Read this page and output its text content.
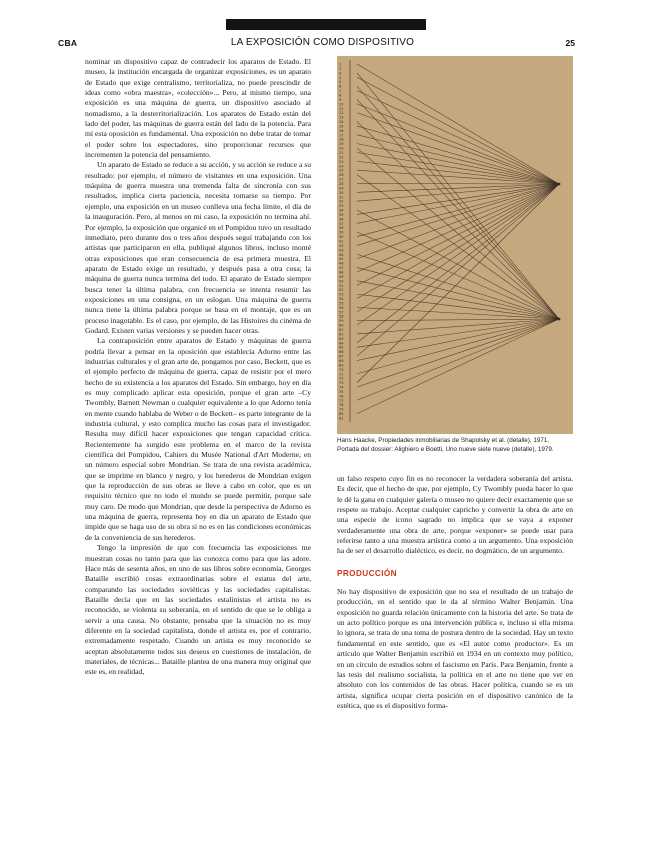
CBA	LA EXPOSICIÓN COMO DISPOSITIVO	25

nominar un dispositivo capaz de contradecir los aparatos de Estado. El museo, la institución encargada de organizar exposiciones, es un aparato de Estado que exige centralismo, territorializa, no puede prescindir de ideas como «obra maestra», «colección»... Pero, al mismo tiempo, una exposición es una máquina de guerra, un dispositivo asociado al nomadismo, a la desterritorialización. Los aparatos de Estado están del lado del poder, las máquinas de guerra están del lado de la potencia. Para mí esta oposición es fundamental. Una exposición no debe tratar de tomar el poder sobre los espectadores, sino proporcionar recursos que incrementen la potencia del pensamiento.

Un aparato de Estado se reduce a su acción, y su acción se reduce a su resultado: por ejemplo, el número de visitantes en una exposición. Una máquina de guerra muestra una tremenda falta de sincronía con sus resultados, implica cierta paciencia, necesita tomarse su tiempo. Por ejemplo, una exposición en un museo conlleva una fecha límite, el día de la inauguración. Pero, al menos en mi caso, la exposición no termina ahí. Por ejemplo, la exposición que organicé en el Pompidou tuvo un resultado inmediato, pero durante dos o tres años después seguí trabajando con los artistas que participaron en ella, publiqué algunos libros, incluso monté otras exposiciones que eran consecuencia de esa primera muestra. El aparato de Estado exige un resultado, y después pasa a otra cosa; la máquina de guerra nunca termina del todo. El aparato de Estado siempre busca tener la última palabra, con frecuencia se intenta resumir las exposiciones en una consigna, en un eslogan. Una máquina de guerra nunca tiene la última palabra porque se basa en el montaje, que es un proceso inagotable. Es el caso, por ejemplo, de las Histoires du cinéma de Godard. Existen varias versiones y se pueden hacer otras.

La contraposición entre aparatos de Estado y máquinas de guerra podría llevar a pensar en la oposición que establecía Adorno entre las industrias culturales y el gran arte de, pongamos por caso, Beckett, que es el ejemplo perfecto de máquina de guerra, capaz de resistir por el mero hecho de su existencia a los aparatos del Estado. Sin embargo, hoy en día es muy complicado aplicar esta oposición, porque el gran arte –Cy Twombly, Barnett Newman o cualquier equivalente a lo que Adorno tenía en mente cuando hablaba de Weber o de Beckett– es parte integrante de la industria cultural, y esto complica mucho las cosas para el investigador. Resulta muy difícil hacer exposiciones que tengan capacidad crítica. Recientemente ha surgido este problema en el marco de la revista científica del Pompidou, Cahiers du Musée National d'Art Moderne, en un número especial sobre Mondrian. Se trata de una revista académica, que se imprime en blanco y negro, y los herederos de Mondrian exigen que la reproducción de sus obras se lleve a cabo en color, que es un requisito técnico que no todo el mundo se puede permitir, porque sale muy caro. De modo que Mondrian, que desde la perspectiva de Adorno es una máquina de guerra, representa hoy en día un aparato de Estado que impide que se haga uso de su obra si no es en las condiciones económicas de la conveniencia de sus herederos.

Tengo la impresión de que con frecuencia las exposiciones me muestran cosas no tanto para que las conozca como para que las adore. Hace más de sesenta años, en uno de sus libros sobre economía, Georges Bataille escribió cosas extraordinarias sobre el estatus del arte, comparando las sociedades soviéticas y las sociedades capitalistas. Bataille decía que en las sociedades estalinistas el artista no es reconocido, se violenta su soberanía, en el sentido de que se le obliga a servir a una causa. No obstante, pensaba que la situación no es muy diferente en la sociedad capitalista, donde el artista es, por el contrario, extremadamente respetado. Cuando un artista es muy reconocido se aceptan absolutamente todos sus deseos en cuestiones de instalación, de materiales, de técnicas... Bataille plantea de una manera muy original que este es, en realidad,

1
2
3
4
5
6
7
8
9
10
11
12
13
14
15
16
17
18
19
20
21
22
23
24
25
26
27
28
29
30
31
32
33
34
35
36
37
38
39
40
41
42
43
44
45
46
47
48
49
50
51
52
53
54
55
56
57
58
59
60
61
62
63
64
65
66
67
68
69
70
71
72
73
74
75
76
77
78
79
80
81

Hans Haacke, Propiedades inmobiliarias de Shapolsky et al. (detalle), 1971.

Portada del dossier: Alighiero e Boetti, Uno nueve siete nueve (detalle), 1979.

un falso respeto cuyo fin es no reconocer la verdadera soberanía del artista. Es decir, que el hecho de que, por ejemplo, Cy Twombly pueda hacer lo que le dé la gana en cualquier galería o museo no quiere decir exactamente que se respete su trabajo. Aceptar cualquier capricho y convertir la obra de arte en una especie de icono sagrado no implica que se vaya a exponer verdaderamente una obra de arte, porque «exponer» se puede usar para referirse tanto a una muestra artística como a un argumento. Una exposición ha de ser el desarrollo dialéctico, es decir, no dogmático, de un argumento.

PRODUCCIÓN

No hay dispositivo de exposición que no sea el resultado de un trabajo de producción, en el sentido que le da al término Walter Benjamin. Una exposición no guarda relación únicamente con la historia del arte. Se trata de un acto político porque es una intervención pública e, incluso si ella misma lo ignora, se trata de una toma de postura dentro de la sociedad. Hay un texto fundamental en este sentido, que es «El autor como productor». Es un artículo que Walter Benjamin escribió en 1934 en un contexto muy político, en un círculo de estudios sobre el fascismo en París. Para Benjamin, frente a las tesis del realismo socialista, la política en el arte no tiene que ver en absoluto con los contenidos de las obras. Hacer política, cuando se es un artista, significa ocupar cierta posición en el dispositivo canónico de la estética, que es el dispositivo forma-
